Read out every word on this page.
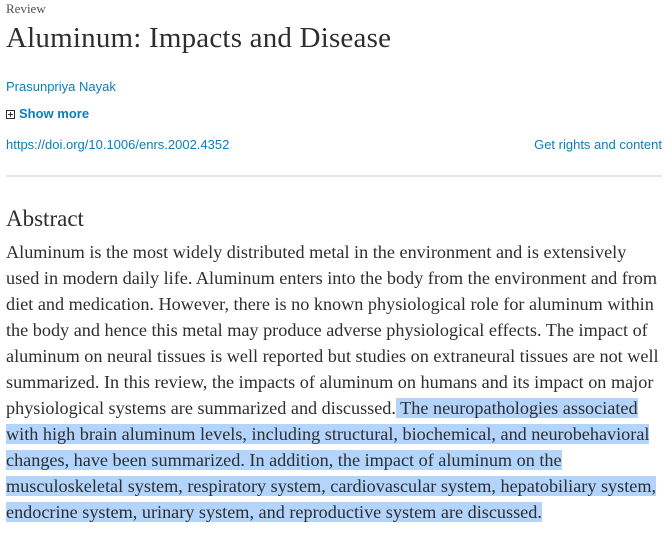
Review
Aluminum: Impacts and Disease
Prasunpriya Nayak
Show more
https://doi.org/10.1006/enrs.2002.4352	Get rights and content
Abstract
Aluminum is the most widely distributed metal in the environment and is extensively used in modern daily life. Aluminum enters into the body from the environment and from diet and medication. However, there is no known physiological role for aluminum within the body and hence this metal may produce adverse physiological effects. The impact of aluminum on neural tissues is well reported but studies on extraneural tissues are not well summarized. In this review, the impacts of aluminum on humans and its impact on major physiological systems are summarized and discussed. The neuropathologies associated with high brain aluminum levels, including structural, biochemical, and neurobehavioral changes, have been summarized. In addition, the impact of aluminum on the musculoskeletal system, respiratory system, cardiovascular system, hepatobiliary system, endocrine system, urinary system, and reproductive system are discussed.
